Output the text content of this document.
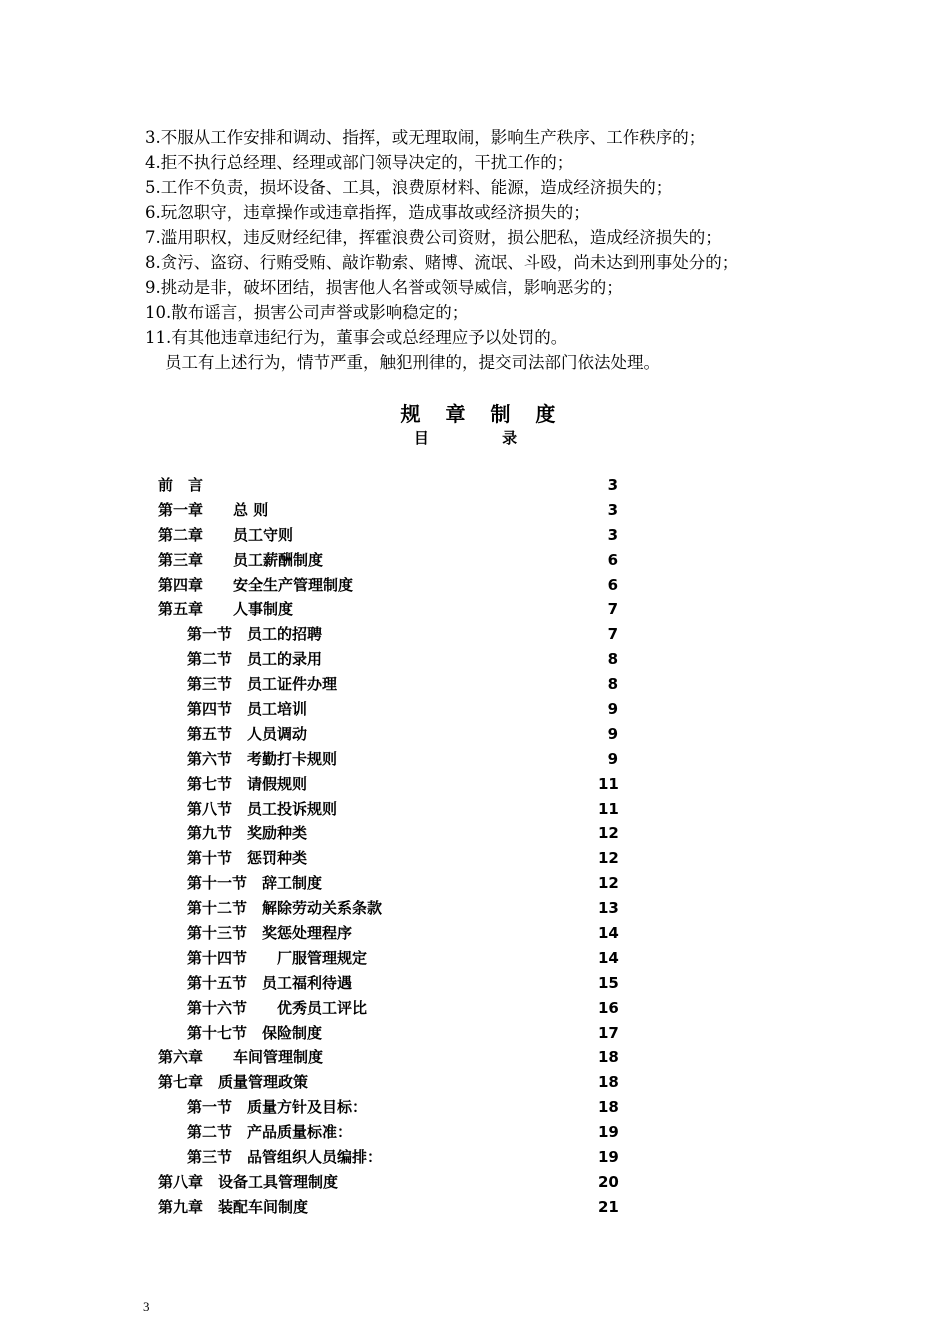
3.不服从工作安排和调动、指挥，或无理取闹，影响生产秩序、工作秩序的；
4.拒不执行总经理、经理或部门领导决定的，干扰工作的；
5.工作不负责，损坏设备、工具，浪费原材料、能源，造成经济损失的；
6.玩忽职守，违章操作或违章指挥，造成事故或经济损失的；
7.滥用职权，违反财经纪律，挥霍浪费公司资财，损公肥私，造成经济损失的；
8.贪污、盗窃、行贿受贿、敲诈勒索、赌博、流氓、斗殴，尚未达到刑事处分的；
9.挑动是非，破坏团结，损害他人名誉或领导威信，影响恶劣的；
10.散布谣言，损害公司声誉或影响稳定的；
11.有其他违章违纪行为，董事会或总经理应予以处罚的。
员工有上述行为，情节严重，触犯刑律的，提交司法部门依法处理。
规 章 制 度
目 录
前　言	3
第一章　　总 则	3
第二章　　员工守则	3
第三章　　员工薪酬制度	6
第四章　　安全生产管理制度	6
第五章　　人事制度	7
第一节　员工的招聘	7
第二节　员工的录用	8
第三节　员工证件办理	8
第四节　员工培训	9
第五节　人员调动	9
第六节　考勤打卡规则	9
第七节　请假规则	11
第八节　员工投诉规则	11
第九节　奖励种类	12
第十节　惩罚种类	12
第十一节　辞工制度	12
第十二节　解除劳动关系条款	13
第十三节　奖惩处理程序	14
第十四节　　厂服管理规定	14
第十五节　员工福利待遇	15
第十六节　　优秀员工评比	16
第十七节　保险制度	17
第六章　　车间管理制度	18
第七章　质量管理政策	18
第一节　质量方针及目标：	18
第二节　产品质量标准：	19
第三节　品管组织人员编排：	19
第八章　设备工具管理制度	20
第九章　装配车间制度	21
3
